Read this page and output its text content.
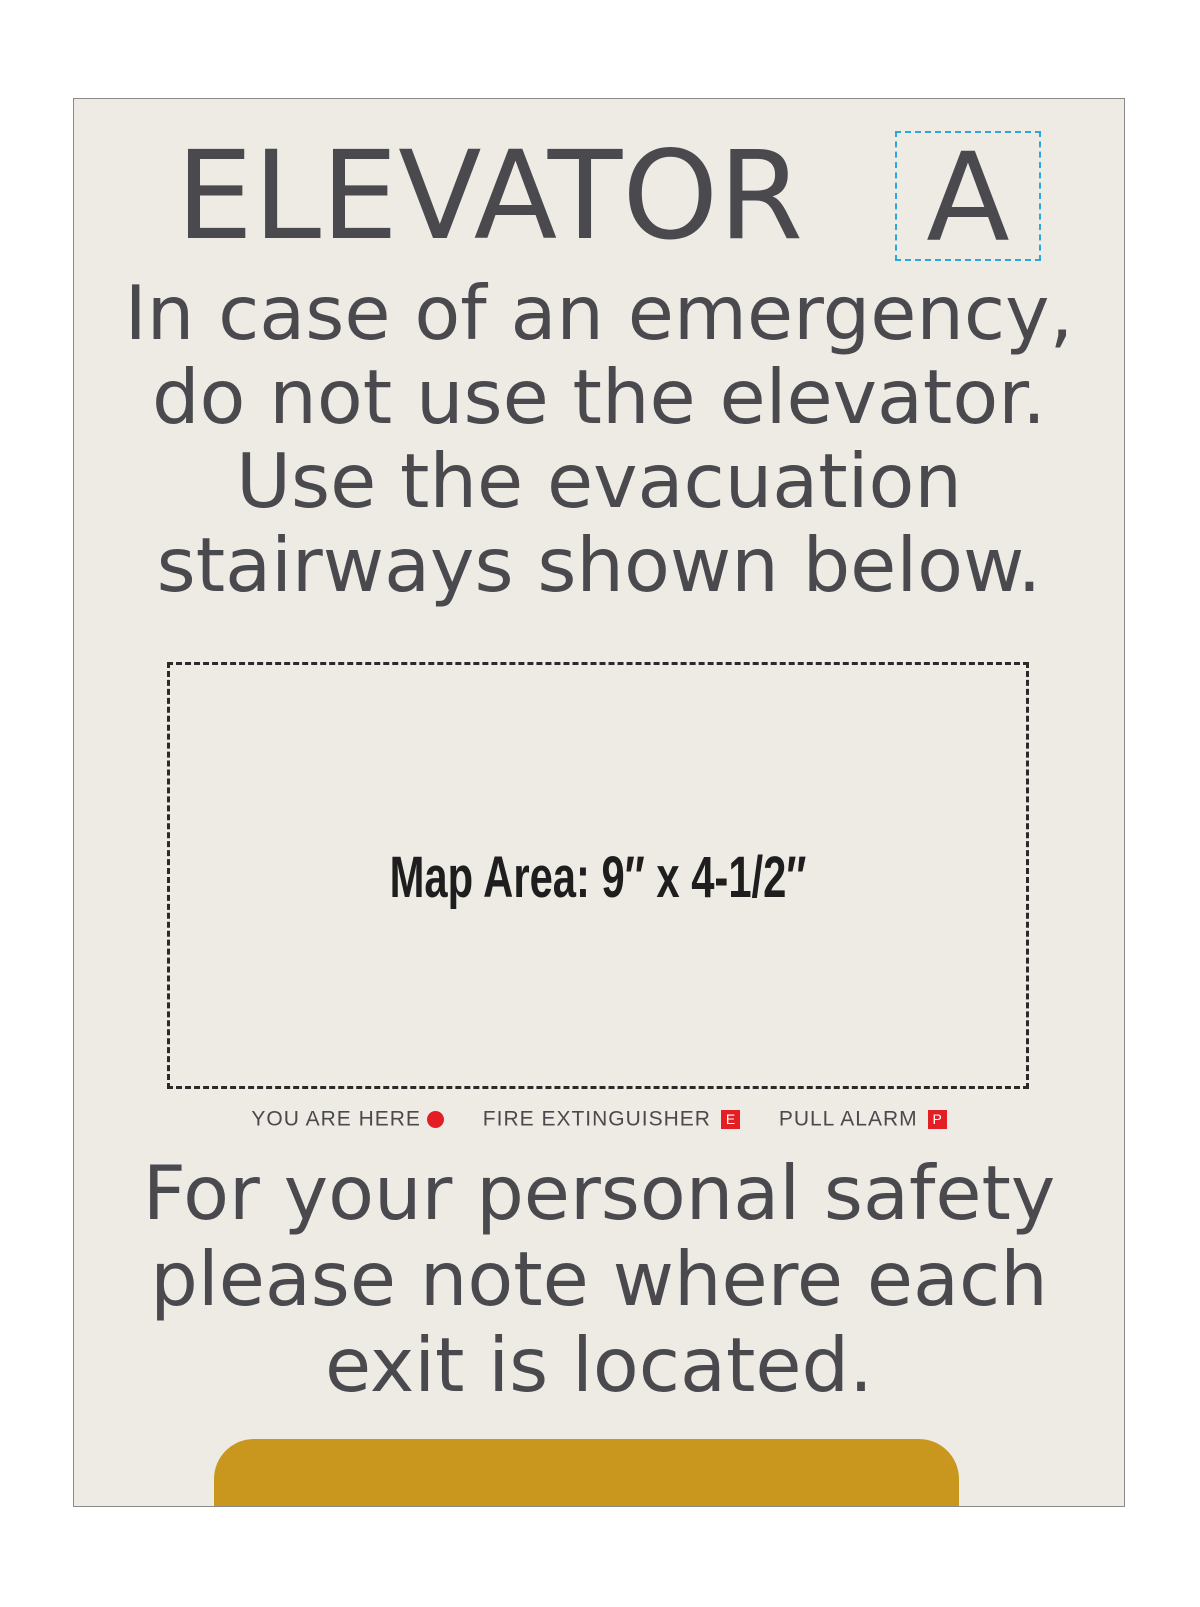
ELEVATOR A
In case of an emergency,
do not use the elevator.
Use the evacuation
stairways shown below.
Map Area: 9″ x 4-1/2″
YOU ARE HERE	FIRE EXTINGUISHER E PULL ALARM P
For your personal safety
please note where each
exit is located.
